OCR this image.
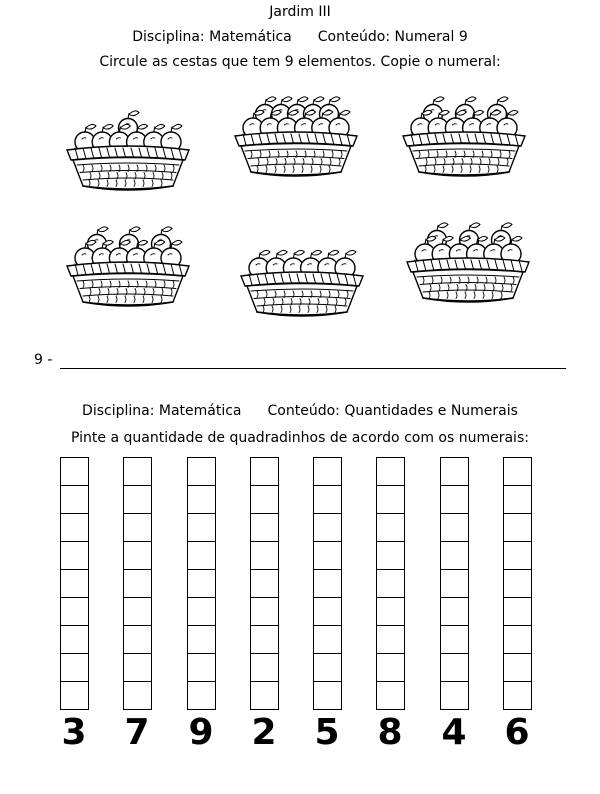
Jardim III
Disciplina: Matemática Conteúdo: Numeral 9
Circule as cestas que tem 9 elementos. Copie o numeral:
9 -
Disciplina: Matemática Conteúdo: Quantidades e Numerais
Pinte a quantidade de quadradinhos de acordo com os numerais:
3	7	9	2	5	8	4	6
